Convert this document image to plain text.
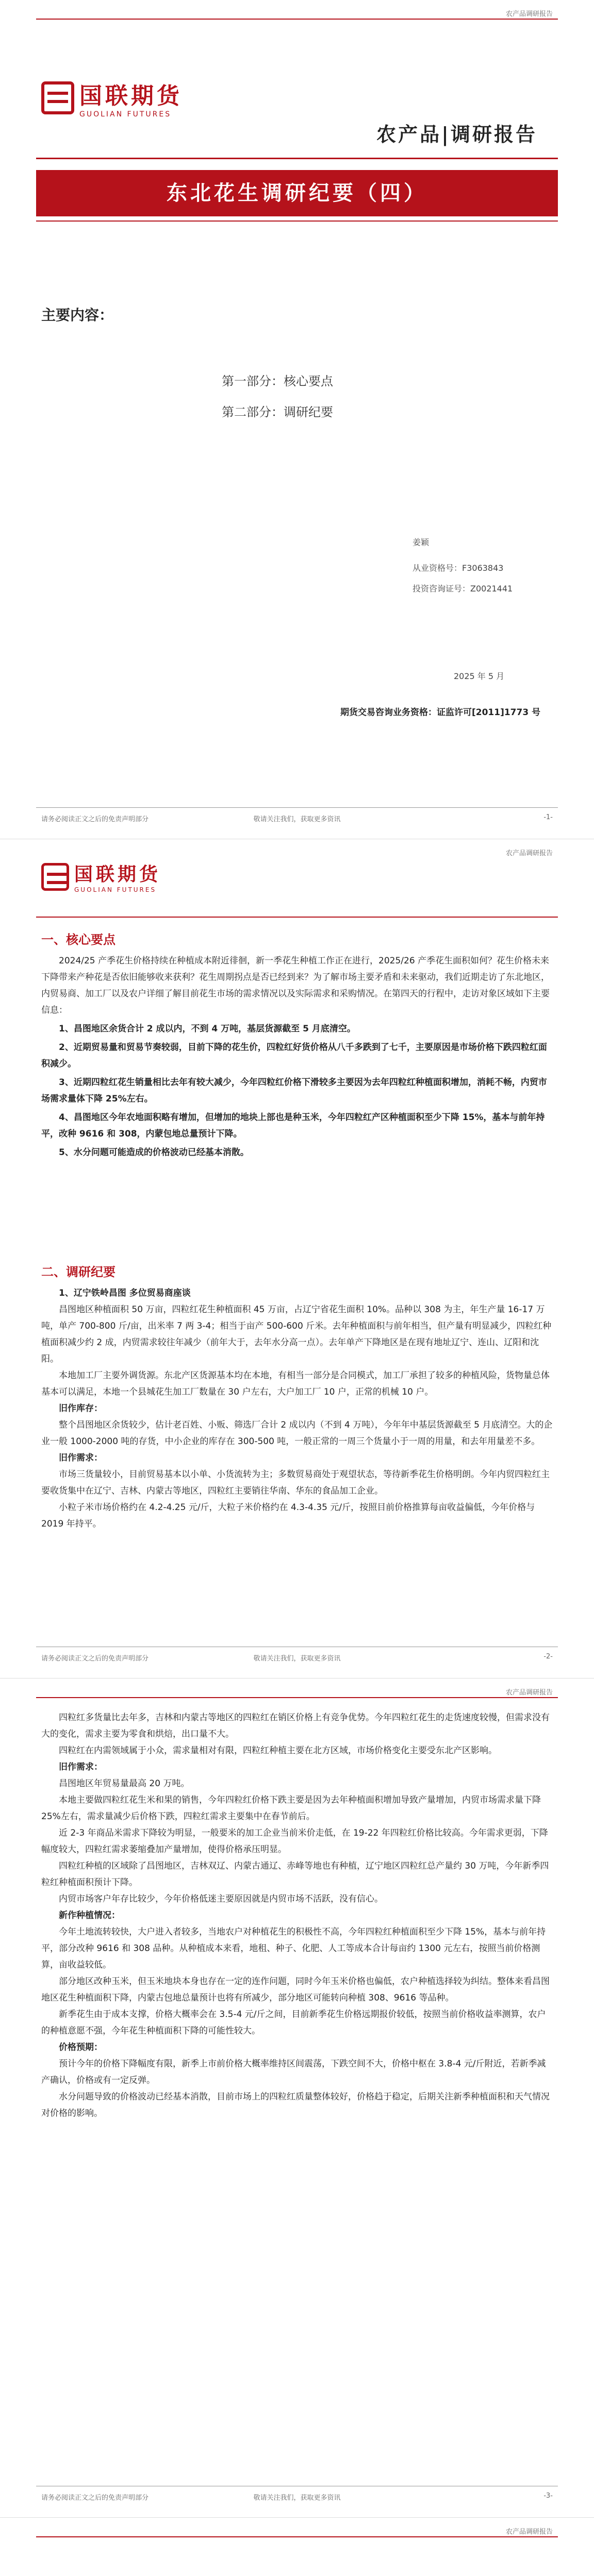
农产品调研报告
国联期货
GUOLIAN FUTURES
农产品|调研报告
东北花生调研纪要（四）
主要内容：
第一部分：核心要点
第二部分：调研纪要
姜颖
从业资格号：F3063843
投资咨询证号：Z0021441
2025 年 5 月
期货交易咨询业务资格：证监许可[2011]1773 号
请务必阅读正文之后的免责声明部分	敬请关注我们，获取更多资讯	-1-
农产品调研报告
国联期货
GUOLIAN FUTURES
一、核心要点

2024/25 产季花生价格持续在种植成本附近徘徊，新一季花生种植工作正在进行，2025/26 产季花生面积如何？花生价格未来下降带来产种花是否依旧能够收来获利？花生周期拐点是否已经到来？为了解市场主要矛盾和未来驱动，我们近期走访了东北地区，内贸易商、加工厂以及农户详细了解目前花生市场的需求情况以及实际需求和采购情况。在第四天的行程中，走访对象区域如下主要信息：

1、昌图地区余货合计 2 成以内，不到 4 万吨，基层货源截至 5 月底清空。

2、近期贸易量和贸易节奏较弱，目前下降的花生价，四粒红好货价格从八千多跌到了七千，主要原因是市场价格下跌四粒红面积减少。

3、近期四粒红花生销量相比去年有较大减少，今年四粒红价格下滑较多主要因为去年四粒红种植面积增加，消耗不畅，内贸市场需求量体下降 25%左右。

4、昌图地区今年农地面积略有增加，但增加的地块上部也是种玉米，今年四粒红产区种植面积至少下降 15%，基本与前年持平，改种 9616 和 308，内蒙包地总量预计下降。

5、水分问题可能造成的价格波动已经基本消散。

二、调研纪要

1、辽宁铁岭昌图 多位贸易商座谈

昌图地区种植面积 50 万亩，四粒红花生种植面积 45 万亩，占辽宁省花生面积 10%。品种以 308 为主，年生产量 16-17 万吨，单产 700-800 斤/亩，出米率 7 两 3-4；相当于亩产 500-600 斤米。去年种植面积与前年相当，但产量有明显减少，四粒红种植面积减少约 2 成，内贸需求较往年减少（前年大于，去年水分高一点）。去年单产下降地区是在现有地址辽宁、连山、辽阳和沈阳。

本地加工厂主要外调货源。东北产区货源基本均在本地，有相当一部分是合同模式，加工厂承担了较多的种植风险，货物量总体基本可以满足，本地一个县城花生加工厂数量在 30 户左右，大户加工厂 10 户，正常的机械 10 户。

旧作库存：

整个昌图地区余货较少，估计老百姓、小贩、筛选厂合计 2 成以内（不到 4 万吨），今年年中基层货源截至 5 月底清空。大的企业一般 1000-2000 吨的存货，中小企业的库存在 300-500 吨，一般正常的一周三个货量小于一周的用量，和去年用量差不多。

旧作需求：

市场三货量较小，目前贸易基本以小单、小货流转为主；多数贸易商处于观望状态，等待新季花生价格明朗。今年内贸四粒红主要收货集中在辽宁、吉林、内蒙古等地区，四粒红主要销往华南、华东的食品加工企业。

小粒子米市场价格约在 4.2-4.25 元/斤，大粒子米价格约在 4.3-4.35 元/斤，按照目前价格推算每亩收益偏低，今年价格与 2019 年持平。

请务必阅读正文之后的免责声明部分	敬请关注我们，获取更多资讯	-2-
农产品调研报告

四粒红多货量比去年多，吉林和内蒙古等地区的四粒红在销区价格上有竞争优势。今年四粒红花生的走货速度较慢，但需求没有大的变化，需求主要为零食和烘焙，出口量不大。

四粒红在内需领域属于小众，需求量相对有限，四粒红种植主要在北方区域，市场价格变化主要受东北产区影响。

旧作需求：

昌图地区年贸易量最高 20 万吨。

本地主要做四粒红花生米和果的销售，今年四粒红价格下跌主要是因为去年种植面积增加导致产量增加，内贸市场需求量下降 25%左右，需求量减少后价格下跌，四粒红需求主要集中在春节前后。

近 2-3 年商品米需求下降较为明显，一般要米的加工企业当前米价走低，在 19-22 年四粒红价格比较高。今年需求更弱，下降幅度较大，四粒红需求萎缩叠加产量增加，使得价格承压明显。

四粒红种植的区域除了昌图地区，吉林双辽、内蒙古通辽、赤峰等地也有种植，辽宁地区四粒红总产量约 30 万吨，今年新季四粒红种植面积预计下降。

内贸市场客户年存比较少，今年价格低迷主要原因就是内贸市场不活跃，没有信心。

新作种植情况：

今年土地流转较快，大户进入者较多，当地农户对种植花生的积极性不高，今年四粒红种植面积至少下降 15%，基本与前年持平，部分改种 9616 和 308 品种。从种植成本来看，地租、种子、化肥、人工等成本合计每亩约 1300 元左右，按照当前价格测算，亩收益较低。

部分地区改种玉米，但玉米地块本身也存在一定的连作问题，同时今年玉米价格也偏低，农户种植选择较为纠结。整体来看昌图地区花生种植面积下降，内蒙古包地总量预计也将有所减少，部分地区可能转向种植 308、9616 等品种。

新季花生由于成本支撑，价格大概率会在 3.5-4 元/斤之间，目前新季花生价格远期报价较低，按照当前价格收益率测算，农户的种植意愿不强，今年花生种植面积下降的可能性较大。

价格预期：

预计今年的价格下降幅度有限，新季上市前价格大概率维持区间震荡，下跌空间不大，价格中枢在 3.8-4 元/斤附近，若新季减产确认，价格或有一定反弹。

水分问题导致的价格波动已经基本消散，目前市场上的四粒红质量整体较好，价格趋于稳定，后期关注新季种植面积和天气情况对价格的影响。

请务必阅读正文之后的免责声明部分	敬请关注我们，获取更多资讯	-3-
农产品调研报告
